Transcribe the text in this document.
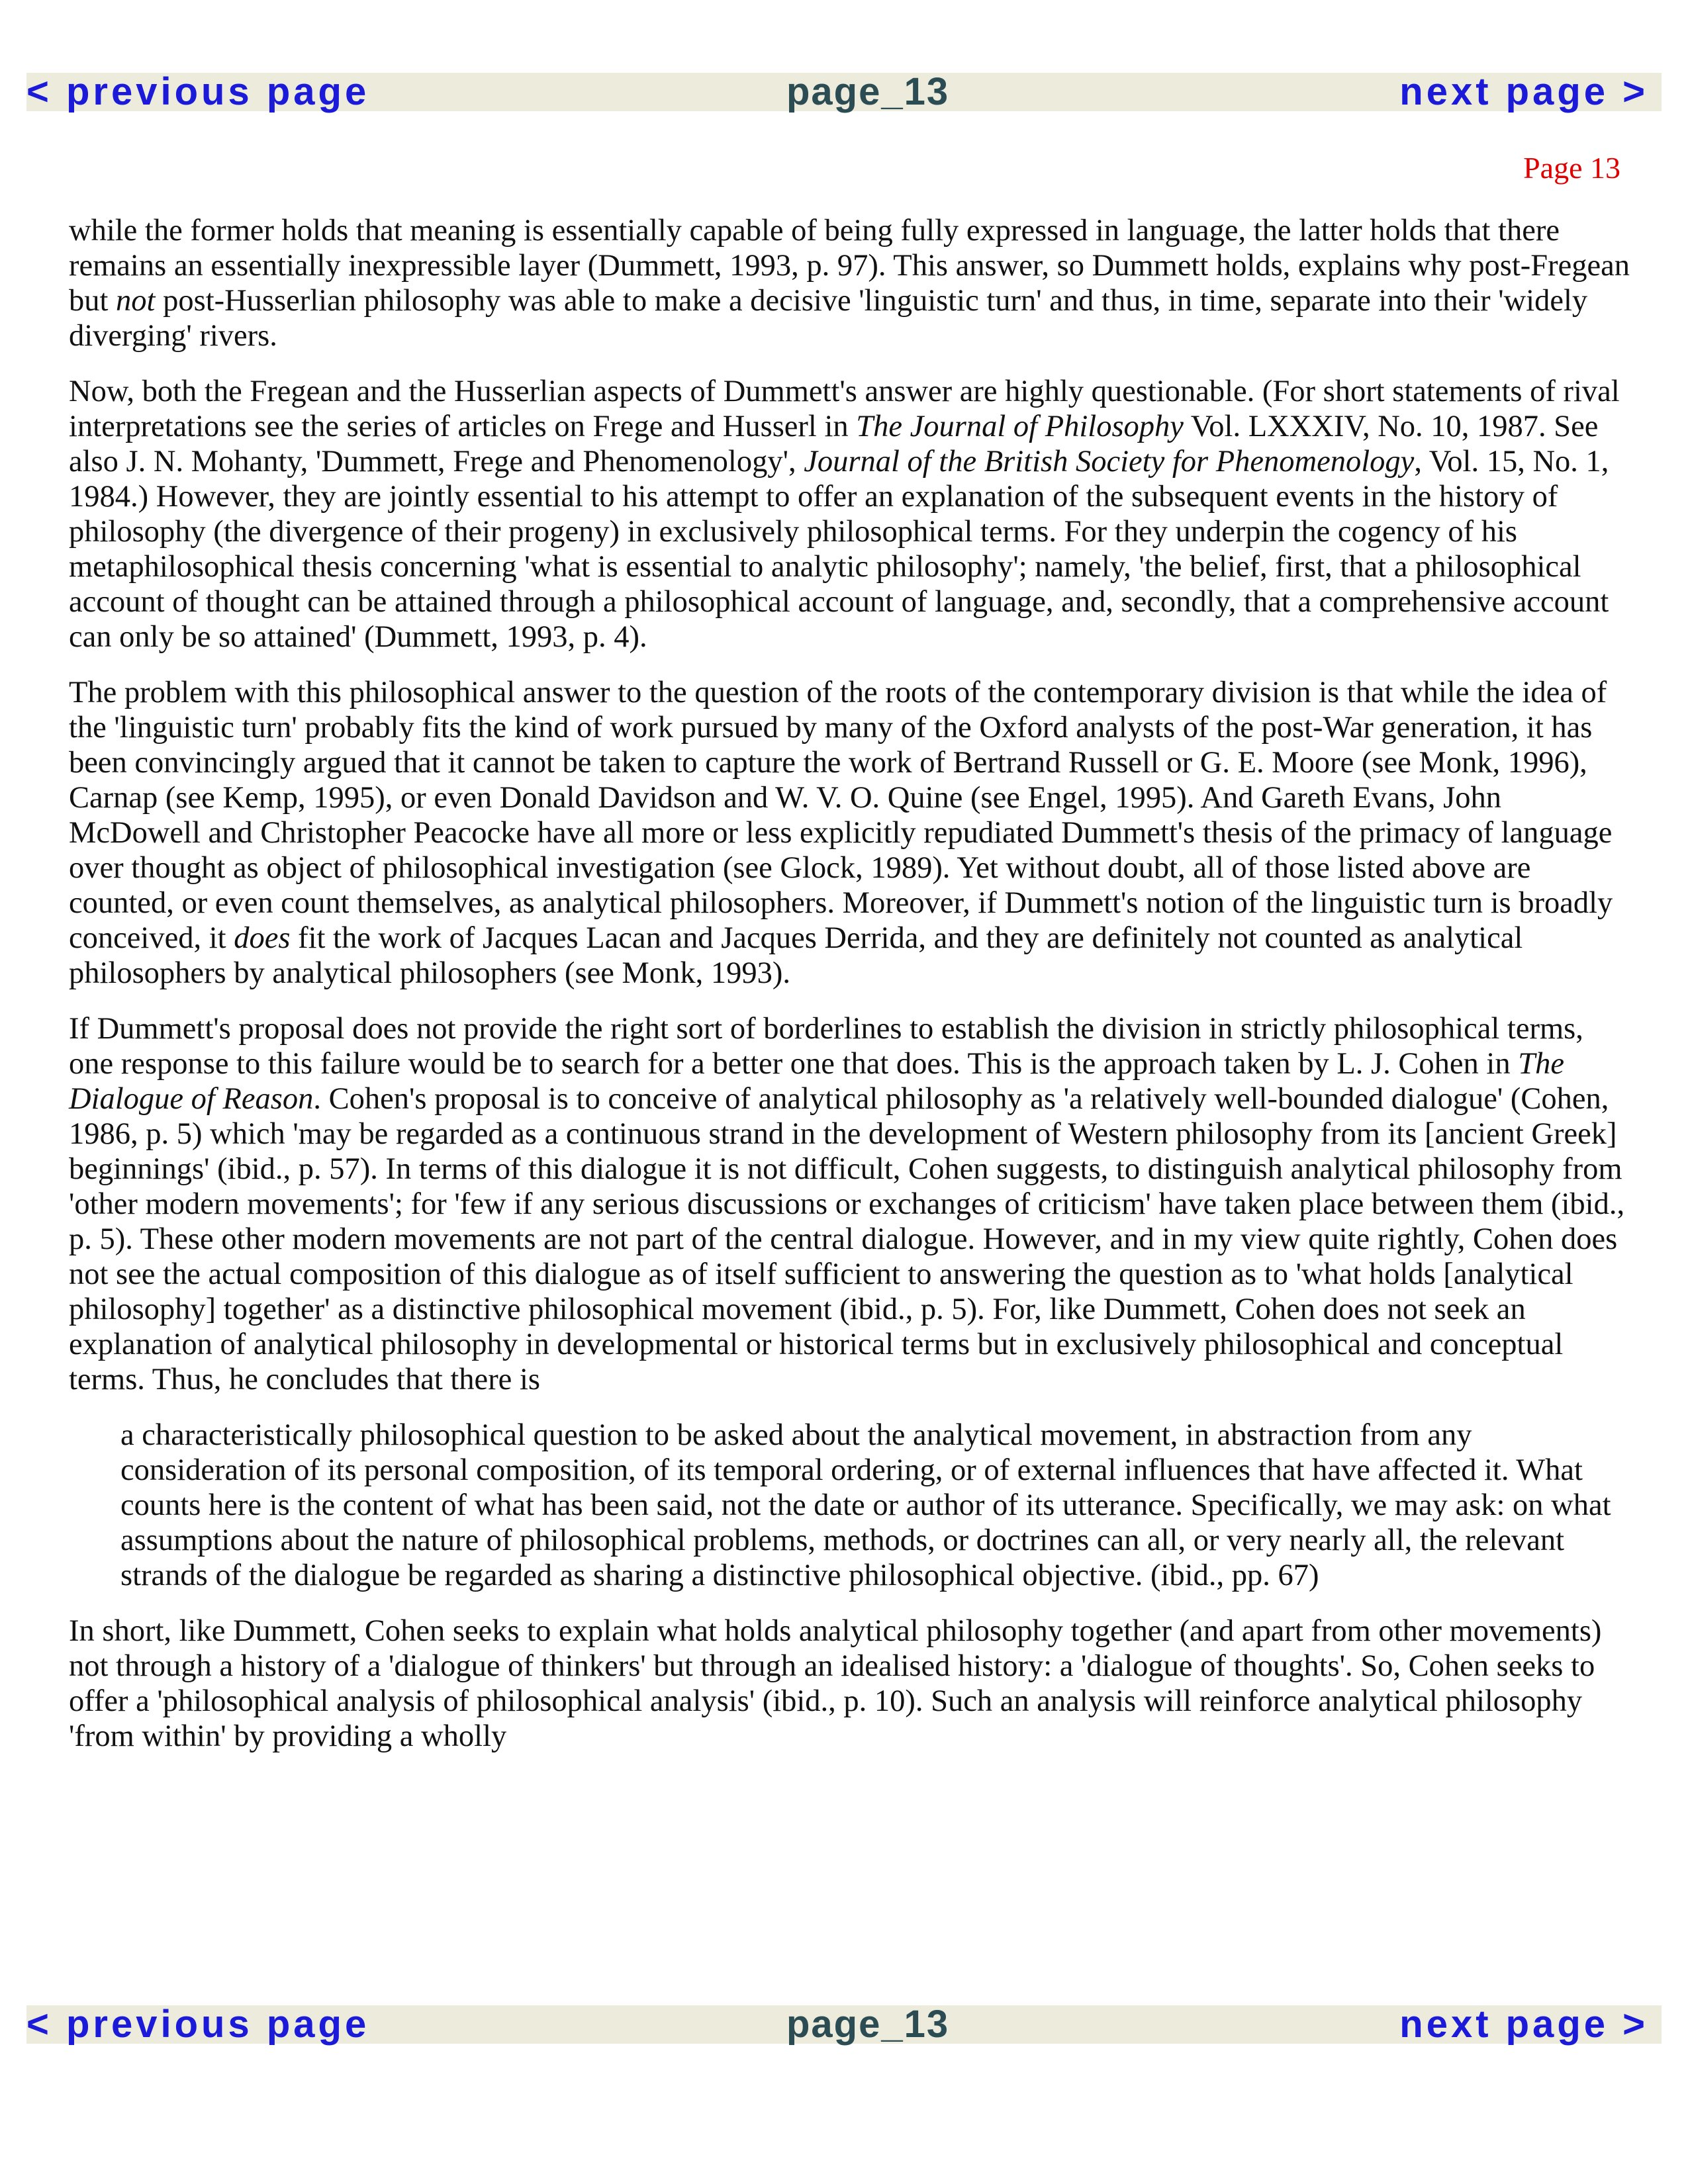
< previous page	page_13	next page >
Page 13

while the former holds that meaning is essentially capable of being fully expressed in language, the latter holds that there remains an essentially inexpressible layer (Dummett, 1993, p. 97). This answer, so Dummett holds, explains why post-Fregean but not post-Husserlian philosophy was able to make a decisive 'linguistic turn' and thus, in time, separate into their 'widely diverging' rivers.

Now, both the Fregean and the Husserlian aspects of Dummett's answer are highly questionable. (For short statements of rival interpretations see the series of articles on Frege and Husserl in The Journal of Philosophy Vol. LXXXIV, No. 10, 1987. See also J. N. Mohanty, 'Dummett, Frege and Phenomenology', Journal of the British Society for Phenomenology, Vol. 15, No. 1, 1984.) However, they are jointly essential to his attempt to offer an explanation of the subsequent events in the history of philosophy (the divergence of their progeny) in exclusively philosophical terms. For they underpin the cogency of his metaphilosophical thesis concerning 'what is essential to analytic philosophy'; namely, 'the belief, first, that a philosophical account of thought can be attained through a philosophical account of language, and, secondly, that a comprehensive account can only be so attained' (Dummett, 1993, p. 4).

The problem with this philosophical answer to the question of the roots of the contemporary division is that while the idea of the 'linguistic turn' probably fits the kind of work pursued by many of the Oxford analysts of the post-War generation, it has been convincingly argued that it cannot be taken to capture the work of Bertrand Russell or G. E. Moore (see Monk, 1996), Carnap (see Kemp, 1995), or even Donald Davidson and W. V. O. Quine (see Engel, 1995). And Gareth Evans, John McDowell and Christopher Peacocke have all more or less explicitly repudiated Dummett's thesis of the primacy of language over thought as object of philosophical investigation (see Glock, 1989). Yet without doubt, all of those listed above are counted, or even count themselves, as analytical philosophers. Moreover, if Dummett's notion of the linguistic turn is broadly conceived, it does fit the work of Jacques Lacan and Jacques Derrida, and they are definitely not counted as analytical philosophers by analytical philosophers (see Monk, 1993).

If Dummett's proposal does not provide the right sort of borderlines to establish the division in strictly philosophical terms, one response to this failure would be to search for a better one that does. This is the approach taken by L. J. Cohen in The Dialogue of Reason. Cohen's proposal is to conceive of analytical philosophy as 'a relatively well-bounded dialogue' (Cohen, 1986, p. 5) which 'may be regarded as a continuous strand in the development of Western philosophy from its [ancient Greek] beginnings' (ibid., p. 57). In terms of this dialogue it is not difficult, Cohen suggests, to distinguish analytical philosophy from 'other modern movements'; for 'few if any serious discussions or exchanges of criticism' have taken place between them (ibid., p. 5). These other modern movements are not part of the central dialogue. However, and in my view quite rightly, Cohen does not see the actual composition of this dialogue as of itself sufficient to answering the question as to 'what holds [analytical philosophy] together' as a distinctive philosophical movement (ibid., p. 5). For, like Dummett, Cohen does not seek an explanation of analytical philosophy in developmental or historical terms but in exclusively philosophical and conceptual terms. Thus, he concludes that there is

a characteristically philosophical question to be asked about the analytical movement, in abstraction from any consideration of its personal composition, of its temporal ordering, or of external influences that have affected it. What counts here is the content of what has been said, not the date or author of its utterance. Specifically, we may ask: on what assumptions about the nature of philosophical problems, methods, or doctrines can all, or very nearly all, the relevant strands of the dialogue be regarded as sharing a distinctive philosophical objective. (ibid., pp. 67)

In short, like Dummett, Cohen seeks to explain what holds analytical philosophy together (and apart from other movements) not through a history of a 'dialogue of thinkers' but through an idealised history: a 'dialogue of thoughts'. So, Cohen seeks to offer a 'philosophical analysis of philosophical analysis' (ibid., p. 10). Such an analysis will reinforce analytical philosophy 'from within' by providing a wholly

< previous page	page_13	next page >
